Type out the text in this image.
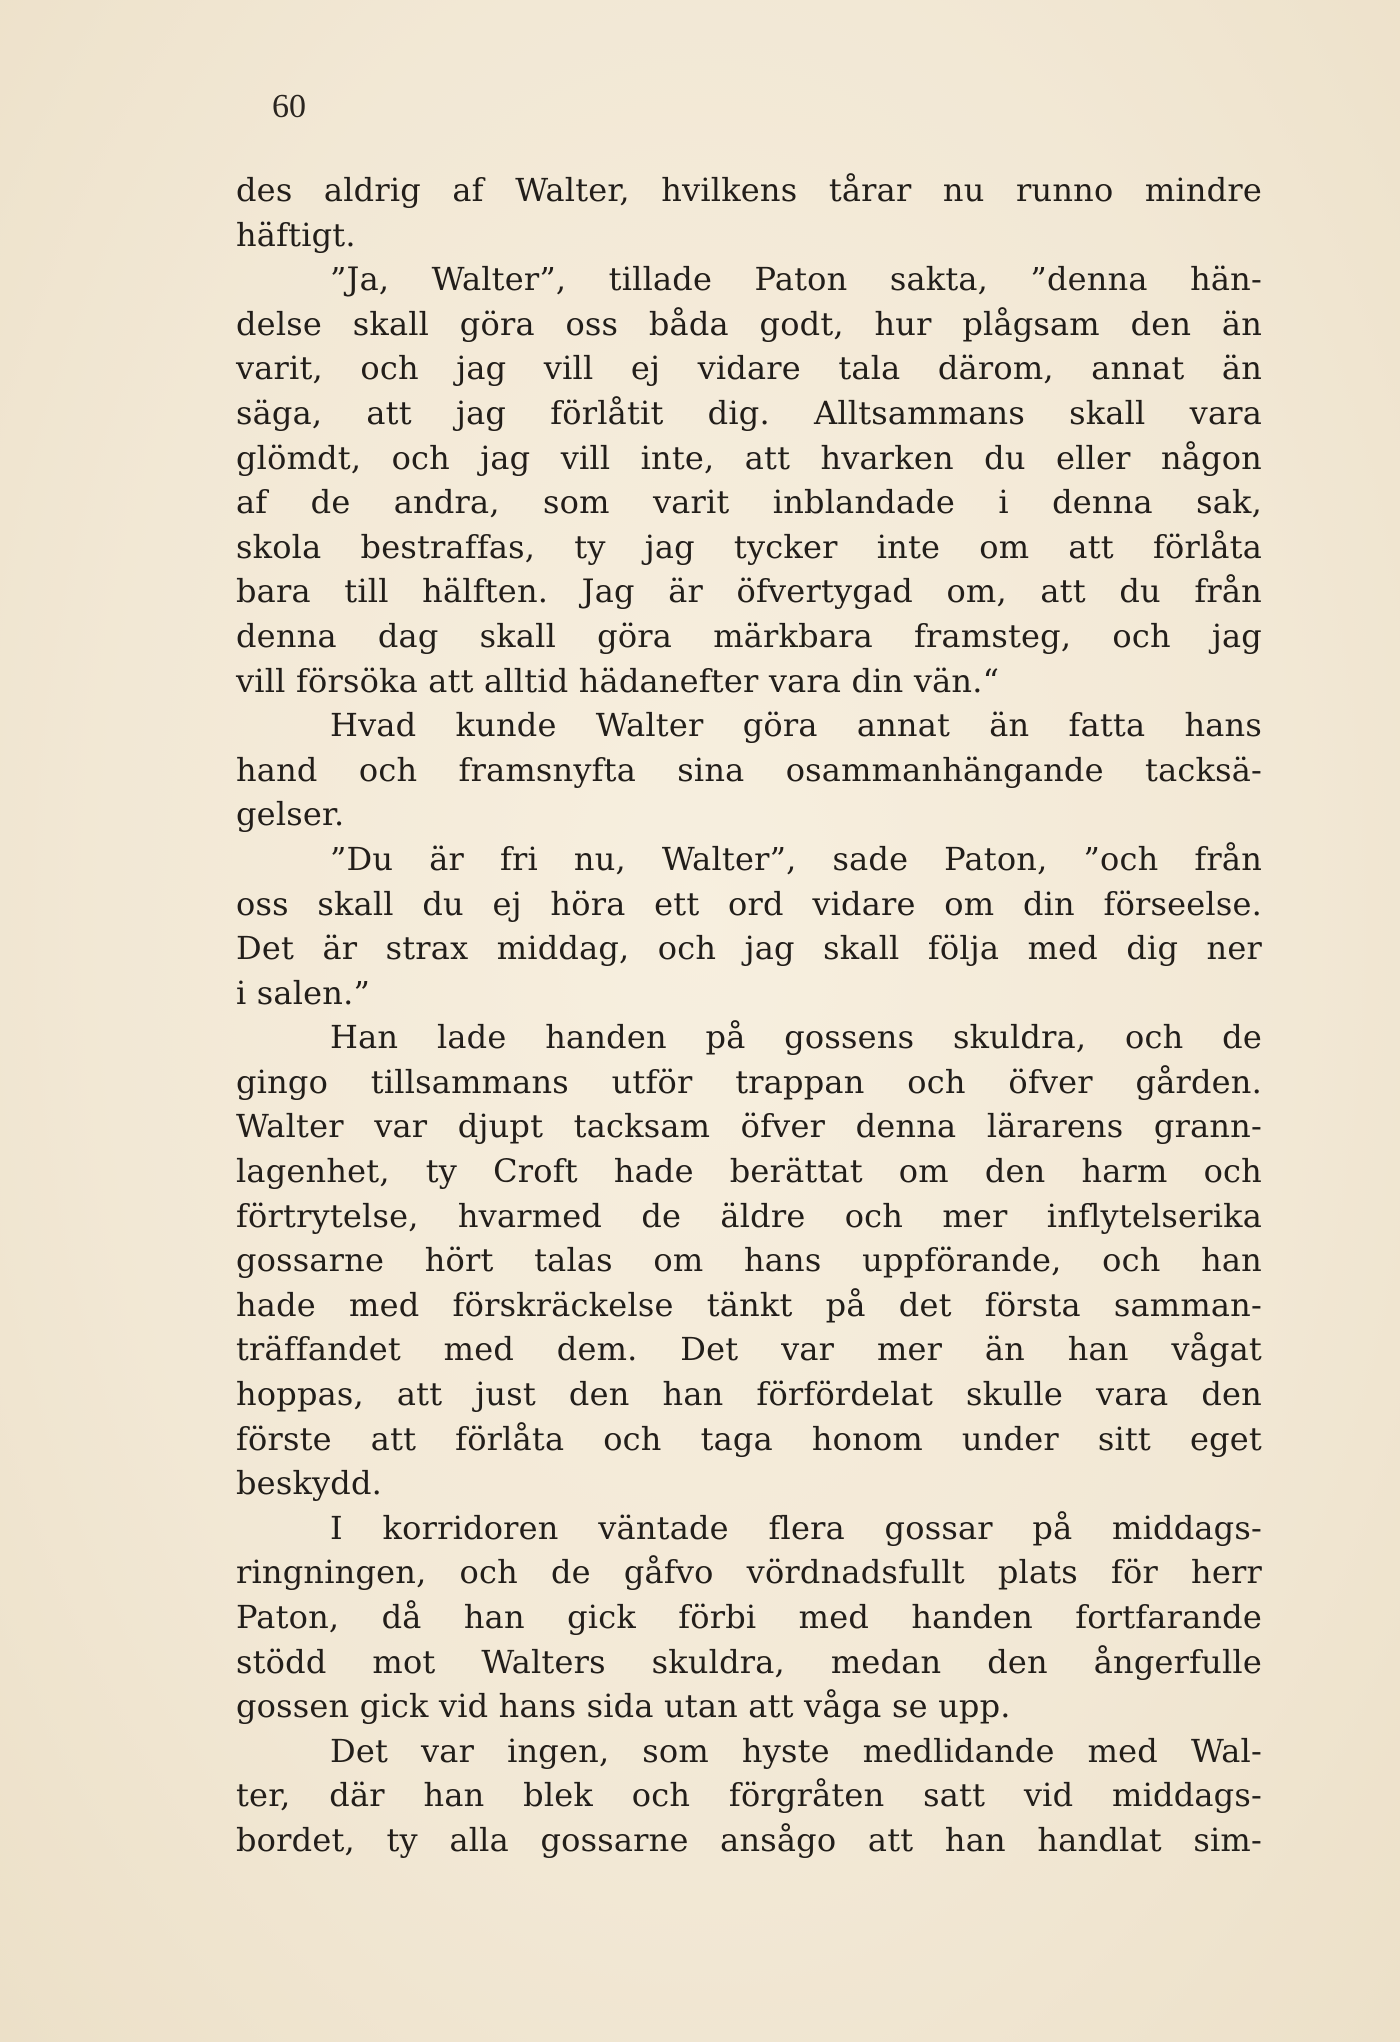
60
des aldrig af Walter, hvilkens tårar nu runno mindre
häftigt.
”Ja, Walter”, tillade Paton sakta, ”denna hän-
delse skall göra oss båda godt, hur plågsam den än
varit, och jag vill ej vidare tala därom, annat än
säga, att jag förlåtit dig. Alltsammans skall vara
glömdt, och jag vill inte, att hvarken du eller någon
af de andra, som varit inblandade i denna sak,
skola bestraffas, ty jag tycker inte om att förlåta
bara till hälften. Jag är öfvertygad om, att du från
denna dag skall göra märkbara framsteg, och jag
vill försöka att alltid hädanefter vara din vän.“
Hvad kunde Walter göra annat än fatta hans
hand och framsnyfta sina osammanhängande tacksä-
gelser.
”Du är fri nu, Walter”, sade Paton, ”och från
oss skall du ej höra ett ord vidare om din förseelse.
Det är strax middag, och jag skall följa med dig ner
i salen.”
Han lade handen på gossens skuldra, och de
gingo tillsammans utför trappan och öfver gården.
Walter var djupt tacksam öfver denna lärarens grann-
lagenhet, ty Croft hade berättat om den harm och
förtrytelse, hvarmed de äldre och mer inflytelserika
gossarne hört talas om hans uppförande, och han
hade med förskräckelse tänkt på det första samman-
träffandet med dem. Det var mer än han vågat
hoppas, att just den han förfördelat skulle vara den
förste att förlåta och taga honom under sitt eget
beskydd.
I korridoren väntade flera gossar på middags-
ringningen, och de gåfvo vördnadsfullt plats för herr
Paton, då han gick förbi med handen fortfarande
stödd mot Walters skuldra, medan den ångerfulle
gossen gick vid hans sida utan att våga se upp.
Det var ingen, som hyste medlidande med Wal-
ter, där han blek och förgråten satt vid middags-
bordet, ty alla gossarne ansågo att han handlat sim-
